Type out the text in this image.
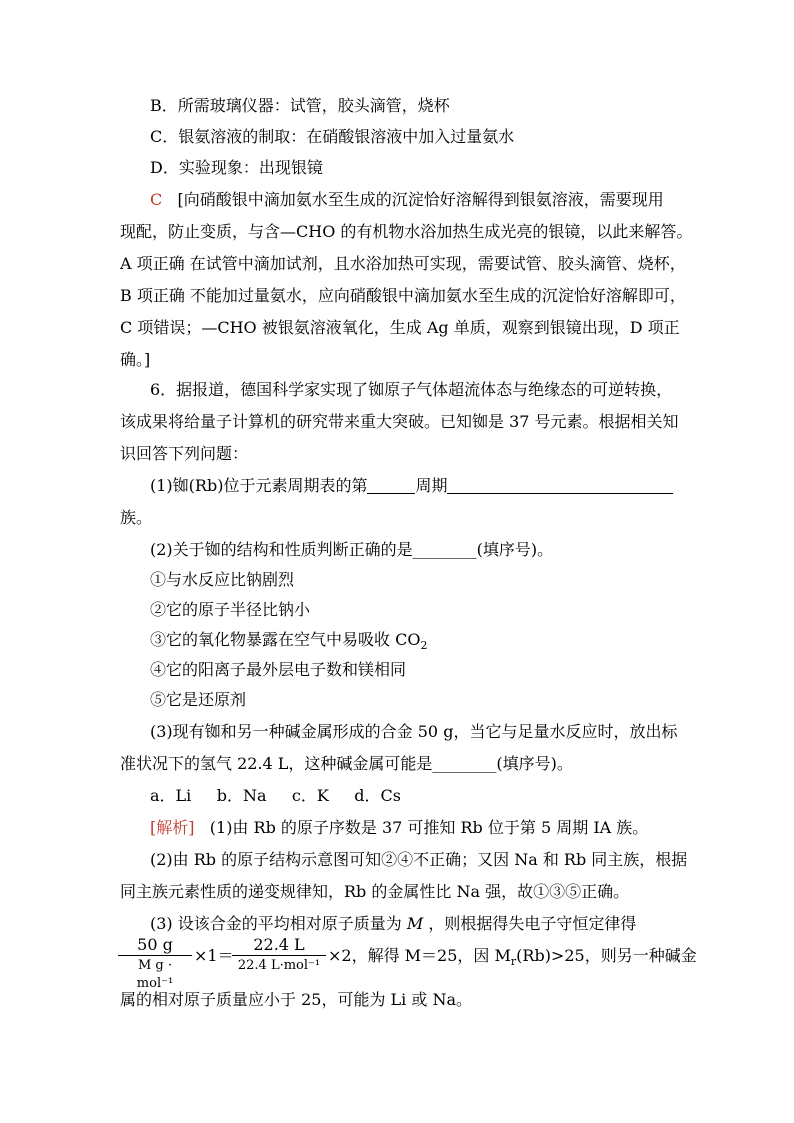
B．所需玻璃仪器：试管，胶头滴管，烧杯
C．银氨溶液的制取：在硝酸银溶液中加入过量氨水
D．实验现象：出现银镜
C [向硝酸银中滴加氨水至生成的沉淀恰好溶解得到银氨溶液，需要现用
现配，防止变质，与含—CHO 的有机物水浴加热生成光亮的银镜，以此来解答。
A 项正确 在试管中滴加试剂，且水浴加热可实现，需要试管、胶头滴管、烧杯，
B 项正确 不能加过量氨水，应向硝酸银中滴加氨水至生成的沉淀恰好溶解即可，
C 项错误；—CHO 被银氨溶液氧化，生成 Ag 单质，观察到银镜出现，D 项正
确。]
6．据报道，德国科学家实现了铷原子气体超流体态与绝缘态的可逆转换，
该成果将给量子计算机的研究带来重大突破。已知铷是 37 号元素。根据相关知
识回答下列问题：
(1)铷(Rb)位于元素周期表的第	周期
族。
(2)关于铷的结构和性质判断正确的是________(填序号)。
①与水反应比钠剧烈
②它的原子半径比钠小
③它的氧化物暴露在空气中易吸收 $CO_2$
④它的阳离子最外层电子数和镁相同
⑤它是还原剂
(3)现有铷和另一种碱金属形成的合金 50 g，当它与足量水反应时，放出标
准状况下的氢气 22.4 L，这种碱金属可能是________(填序号)。
a．Li     b．Na     c．K     d．Cs
[解析] (1)由 Rb 的原子序数是 37 可推知 Rb 位于第 5 周期 ⅠA 族。
(2)由 Rb 的原子结构示意图可知②④不正确；又因 Na 和 Rb 同主族，根据
同主族元素性质的递变规律知，Rb 的金属性比 Na 强，故①③⑤正确。
(3) 设该合金的平均相对原子质量为 M ，则根据得失电子守恒定律得
50 g
M g · mol⁻¹
×1＝
22.4 L
22.4 L·mol⁻¹
×2，解得 M＝25，因 $M_r(Rb)>25$，则另一种碱金
属的相对原子质量应小于 25，可能为 Li 或 Na。
